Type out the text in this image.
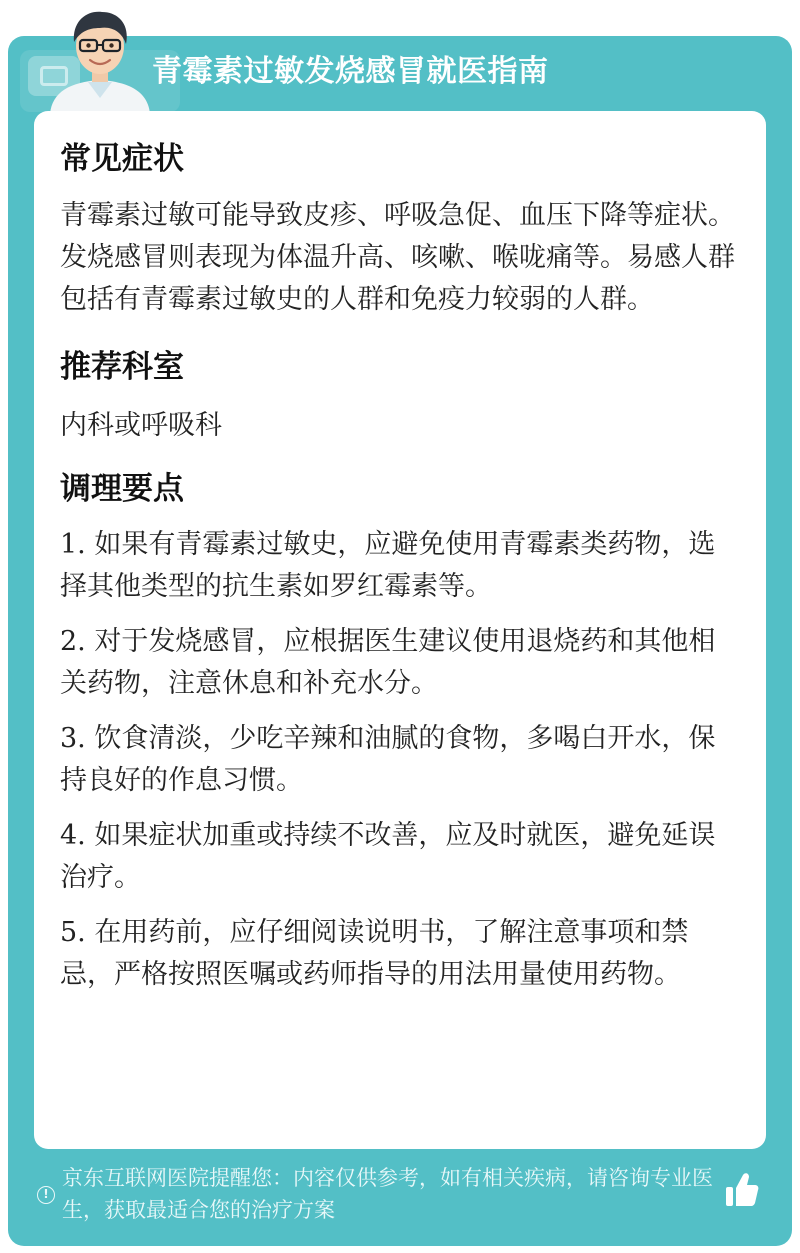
青霉素过敏发烧感冒就医指南
常见症状

青霉素过敏可能导致皮疹、呼吸急促、血压下降等症状。发烧感冒则表现为体温升高、咳嗽、喉咙痛等。易感人群包括有青霉素过敏史的人群和免疫力较弱的人群。

推荐科室

内科或呼吸科

调理要点

1. 如果有青霉素过敏史，应避免使用青霉素类药物，选择其他类型的抗生素如罗红霉素等。

2. 对于发烧感冒，应根据医生建议使用退烧药和其他相关药物，注意休息和补充水分。

3. 饮食清淡，少吃辛辣和油腻的食物，多喝白开水，保持良好的作息习惯。

4. 如果症状加重或持续不改善，应及时就医，避免延误治疗。

5. 在用药前，应仔细阅读说明书，了解注意事项和禁忌，严格按照医嘱或药师指导的用法用量使用药物。

!

京东互联网医院提醒您：内容仅供参考，如有相关疾病，请咨询专业医生，获取最适合您的治疗方案
